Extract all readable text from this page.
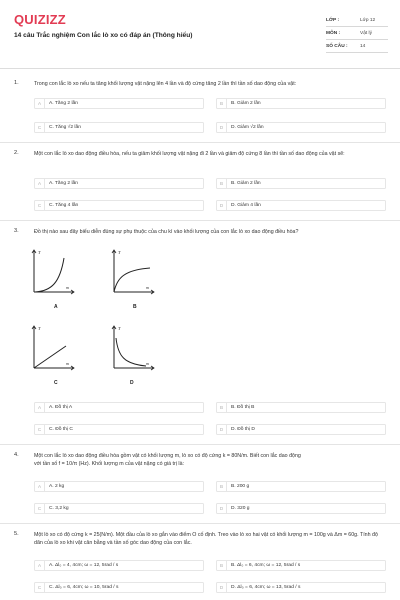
QUIZIZZ
14 câu Trắc nghiệm Con lắc lò xo có đáp án (Thông hiểu)
LỚP :	Lớp 12
MÔN :	Vật lý
SỐ CÂU :	14
1.	Trong con lắc lò xo nếu ta tăng khối lượng vật nặng lên 4 lần và độ cứng tăng 2 lần thì tần số dao động của vật:
A	A. Tăng 2 lần	B	B. Giảm 2 lần
C	C. Tăng √2 lần	D	D. Giảm √2 lần
2.	Một con lắc lò xo dao động điều hòa, nếu ta giảm khối lượng vật nặng đi 2 lần và giảm độ cứng 8 lần thì tần số dao động của vật sẽ:
A	A. Tăng 2 lần	B	B. Giảm 2 lần
C	C. Tăng 4 lần	D	D. Giảm 4 lần
3.	Đồ thị nào sau đây biểu diễn đúng sự phụ thuộc của chu kì vào khối lượng của con lắc lò xo dao động điều hòa?
T
m
A
T
m
B
T
m
C
T
m
D
A	A. Đồ thị A	B	B. Đồ thị B
C	C. Đồ thị C	D	D. Đồ thị D
4.	Một con lắc lò xo dao động điều hòa gồm vật có khối lượng m, lò xo có độ cứng k = 80N/m. Biết con lắc dao động
với tần số f = 10/π (Hz). Khối lượng m của vật nặng có giá trị là:
A	A. 2 kg	B	B. 200 g
C	C. 3,2 kg	D	D. 320 g
5.	Một lò xo có độ cứng k = 25(N/m). Một đầu của lò xo gắn vào điểm O cố định. Treo vào lò xo hai vật có khối lượng m = 100g và Δm = 60g. Tính độ dãn của lò xo khi vật cân bằng và tần số góc dao động của con lắc.
A	A. Δl₀ = 4, 4cm; ω = 12, 5rad / s	B	B. Δl₀ = 6, 4cm; ω = 12, 5rad / s
C	C. Δl₀ = 6, 4cm; ω = 10, 5rad / s	D	D. Δl₀ = 6, 4cm; ω = 13, 5rad / s
